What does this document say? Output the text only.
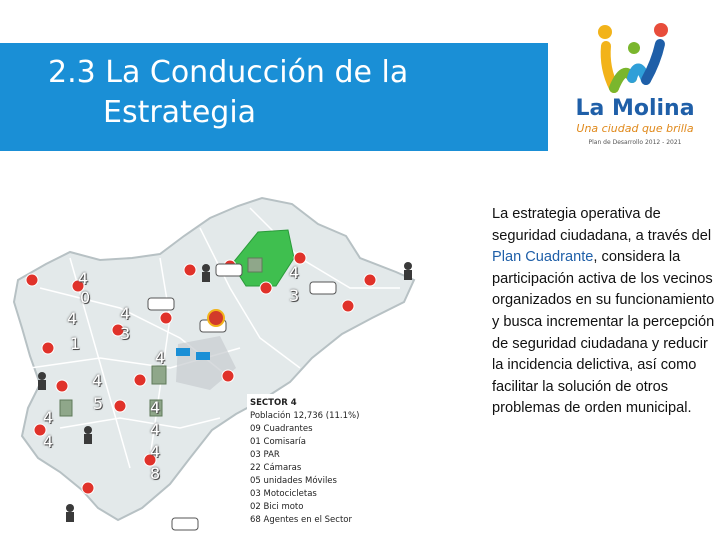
2.3 La Conducción de la
Estrategia	La Molina
Una ciudad que brilla
Plan de Desarrollo 2012 - 2021
4
0
4	4
1
3
4
4
5
4
4
4
4
4
8
4
3
SECTOR 4
Población 12,736 (11.1%)
09 Cuadrantes
01 Comisaría
03 PAR
22 Cámaras
05 unidades Móviles
03 Motocicletas
02 Bici moto
68 Agentes en el Sector
La estrategia operativa de seguridad ciudadana, a través del Plan Cuadrante, considera la participación activa de los vecinos organizados en su funcionamiento y busca incrementar la percepción de seguridad ciudadana y reducir la incidencia delictiva, así como facilitar la solución de otros problemas de orden municipal.
